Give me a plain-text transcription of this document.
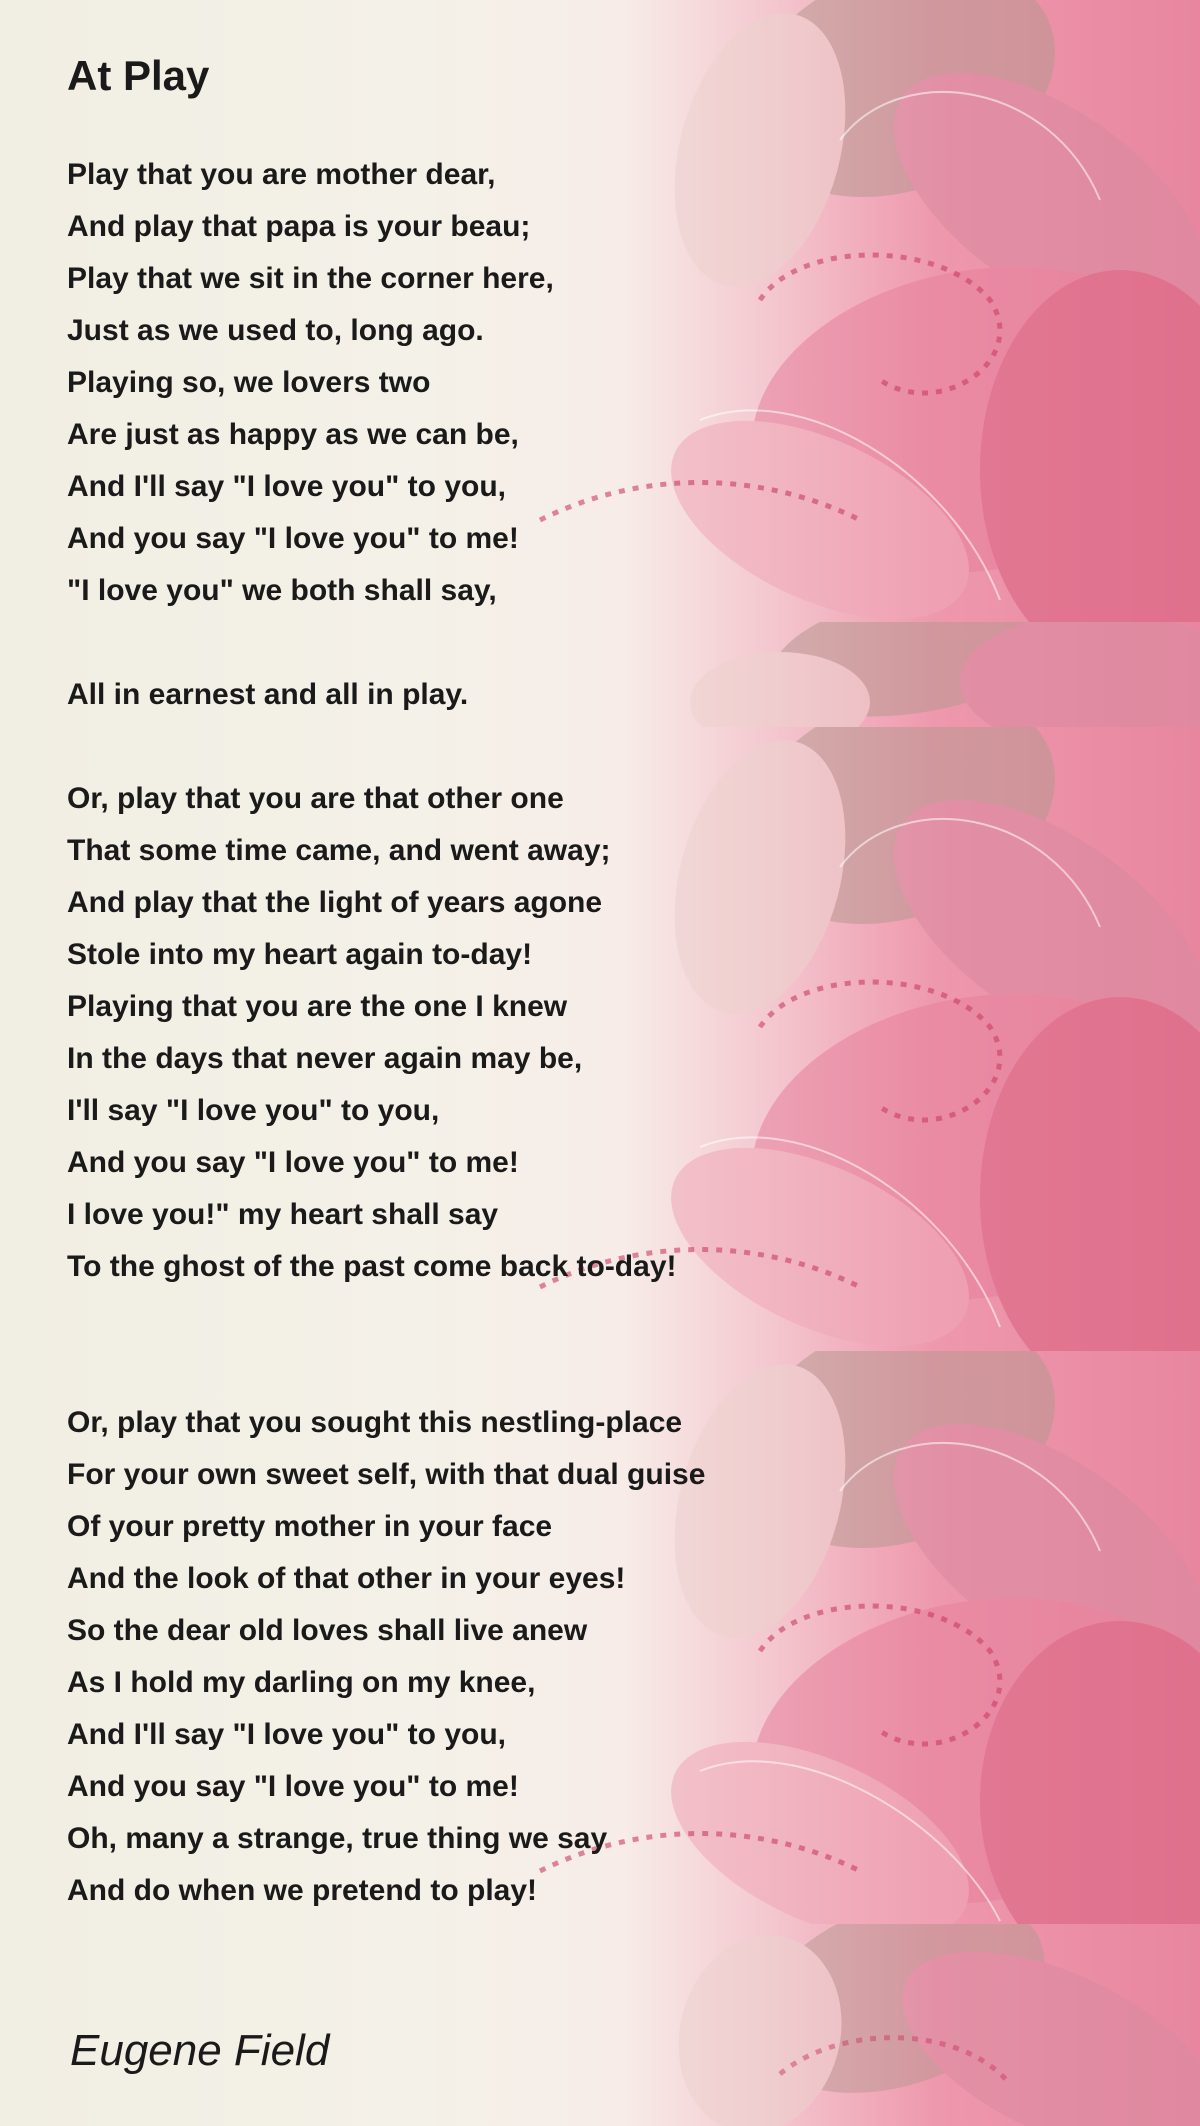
At Play
Play that you are mother dear,
And play that papa is your beau;
Play that we sit in the corner here,
Just as we used to, long ago.
Playing so, we lovers two
Are just as happy as we can be,
And I'll say "I love you" to you,
And you say "I love you" to me!
"I love you" we both shall say,
All in earnest and all in play.
Or, play that you are that other one
That some time came, and went away;
And play that the light of years agone
Stole into my heart again to-day!
Playing that you are the one I knew
In the days that never again may be,
I'll say "I love you" to you,
And you say "I love you" to me!
I love you!" my heart shall say
To the ghost of the past come back to-day!
Or, play that you sought this nestling-place
For your own sweet self, with that dual guise
Of your pretty mother in your face
And the look of that other in your eyes!
So the dear old loves shall live anew
As I hold my darling on my knee,
And I'll say "I love you" to you,
And you say "I love you" to me!
Oh, many a strange, true thing we say
And do when we pretend to play!
Eugene Field
